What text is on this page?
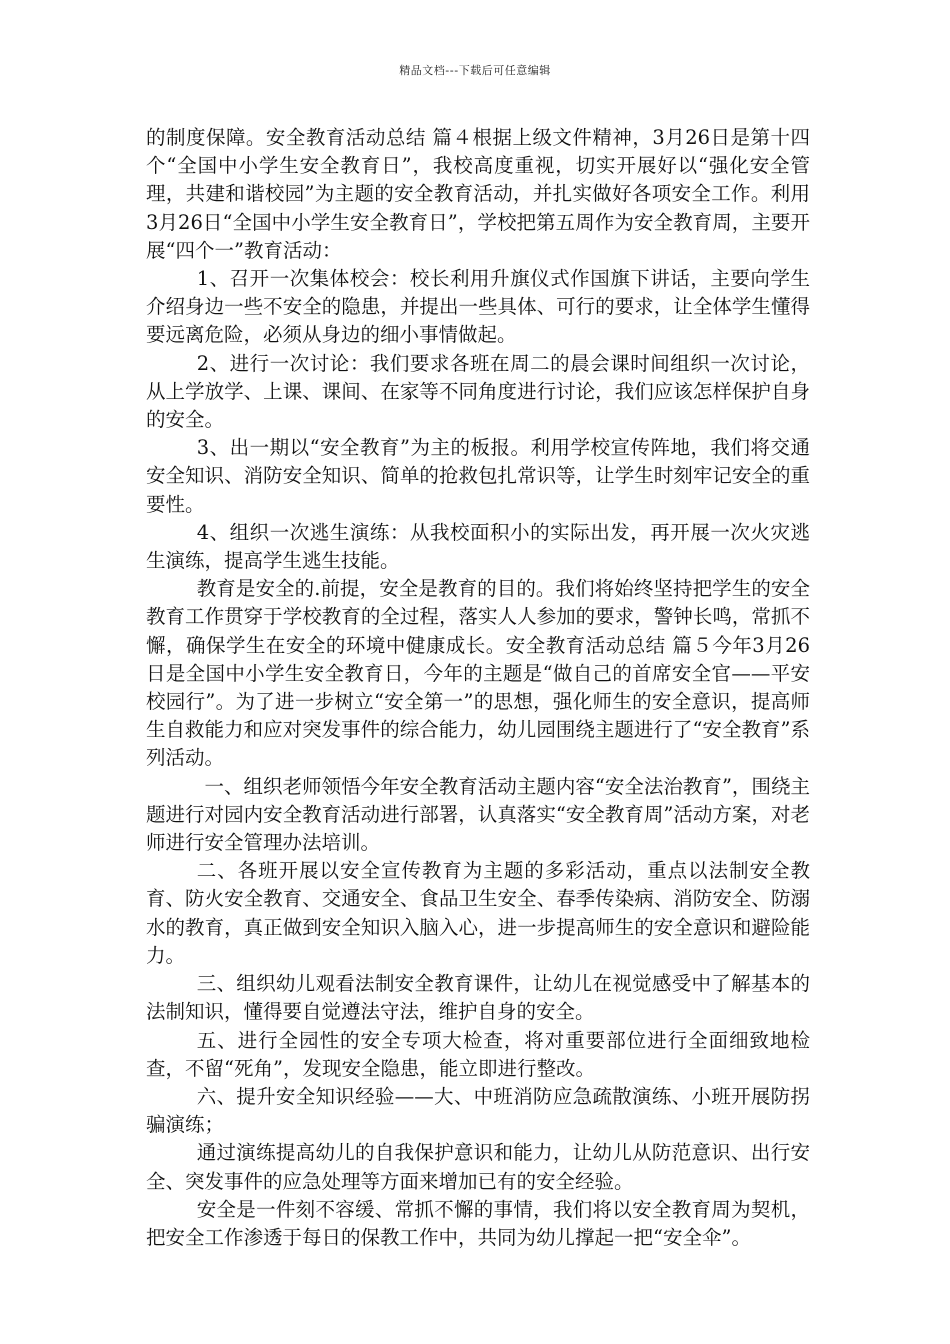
精品文档---下载后可任意编辑

的制度保障。安全教育活动总结 篇４根据上级文件精神，3月26日是第十四个“全国中小学生安全教育日”，我校高度重视，切实开展好以“强化安全管理，共建和谐校园”为主题的安全教育活动，并扎实做好各项安全工作。利用3月26日“全国中小学生安全教育日”，学校把第五周作为安全教育周，主要开展“四个一”教育活动：

1、召开一次集体校会：校长利用升旗仪式作国旗下讲话，主要向学生介绍身边一些不安全的隐患，并提出一些具体、可行的要求，让全体学生懂得要远离危险，必须从身边的细小事情做起。

2、进行一次讨论：我们要求各班在周二的晨会课时间组织一次讨论，从上学放学、上课、课间、在家等不同角度进行讨论，我们应该怎样保护自身的安全。

3、出一期以“安全教育”为主的板报。利用学校宣传阵地，我们将交通安全知识、消防安全知识、简单的抢救包扎常识等，让学生时刻牢记安全的重要性。

4、组织一次逃生演练：从我校面积小的实际出发，再开展一次火灾逃生演练，提高学生逃生技能。

教育是安全的.前提，安全是教育的目的。我们将始终坚持把学生的安全教育工作贯穿于学校教育的全过程，落实人人参加的要求，警钟长鸣，常抓不懈，确保学生在安全的环境中健康成长。安全教育活动总结 篇５今年3月26日是全国中小学生安全教育日，今年的主题是“做自己的首席安全官——平安校园行”。为了进一步树立“安全第一”的思想，强化师生的安全意识，提高师生自救能力和应对突发事件的综合能力，幼儿园围绕主题进行了“安全教育”系列活动。

一、组织老师领悟今年安全教育活动主题内容“安全法治教育”，围绕主题进行对园内安全教育活动进行部署，认真落实“安全教育周”活动方案，对老师进行安全管理办法培训。

二、各班开展以安全宣传教育为主题的多彩活动，重点以法制安全教育、防火安全教育、交通安全、食品卫生安全、春季传染病、消防安全、防溺水的教育，真正做到安全知识入脑入心，进一步提高师生的安全意识和避险能力。

三、组织幼儿观看法制安全教育课件，让幼儿在视觉感受中了解基本的法制知识，懂得要自觉遵法守法，维护自身的安全。

五、进行全园性的安全专项大检查，将对重要部位进行全面细致地检查，不留“死角”，发现安全隐患，能立即进行整改。

六、提升安全知识经验——大、中班消防应急疏散演练、小班开展防拐骗演练；

通过演练提高幼儿的自我保护意识和能力，让幼儿从防范意识、出行安全、突发事件的应急处理等方面来增加已有的安全经验。

安全是一件刻不容缓、常抓不懈的事情，我们将以安全教育周为契机，把安全工作渗透于每日的保教工作中，共同为幼儿撑起一把“安全伞”。
